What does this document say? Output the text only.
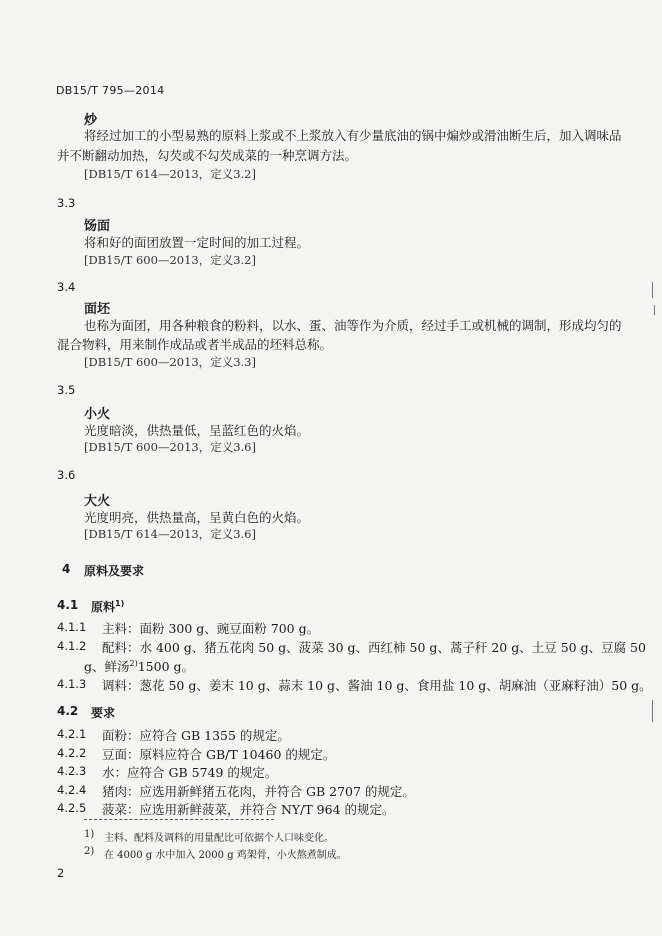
DB15/T 795—2014
炒
将经过加工的小型易熟的原料上浆或不上浆放入有少量底油的锅中煸炒或滑油断生后，加入调味品
并不断翻动加热，勾芡或不勾芡成菜的一种烹调方法。
[DB15/T 614—2013，定义3.2]
3.3
饧面
将和好的面团放置一定时间的加工过程。
[DB15/T 600—2013，定义3.2]
3.4
面坯
也称为面团，用各种粮食的粉料，以水、蛋、油等作为介质，经过手工或机械的调制，形成均匀的
混合物料，用来制作成品或者半成品的坯料总称。
[DB15/T 600—2013，定义3.3]
3.5
小火
光度暗淡，供热量低，呈蓝红色的火焰。
[DB15/T 600—2013，定义3.6]
3.6
大火
光度明亮，供热量高，呈黄白色的火焰。
[DB15/T 614—2013，定义3.6]
4 原料及要求
4.1 原料$^{1)}$
4.1.1 主料：面粉 300 g、豌豆面粉 700 g。
4.1.2 配料：水 400 g、猪五花肉 50 g、菠菜 30 g、西红柿 50 g、蒿子秆 20 g、土豆 50 g、豆腐 50
g、鲜汤$^{2)}$1500 g。
4.1.3 调料：葱花 50 g、姜末 10 g、蒜末 10 g、酱油 10 g、食用盐 10 g、胡麻油（亚麻籽油）50 g。
4.2 要求
4.2.1 面粉：应符合 GB 1355 的规定。
4.2.2 豆面：原料应符合 GB/T 10460 的规定。
4.2.3 水：应符合 GB 5749 的规定。
4.2.4 猪肉：应选用新鲜猪五花肉，并符合 GB 2707 的规定。
4.2.5 菠菜：应选用新鲜菠菜，并符合 NY/T 964 的规定。
1) 主料、配料及调料的用量配比可依据个人口味变化。
2) 在 4000 g 水中加入 2000 g 鸡架骨，小火熬煮制成。
2
